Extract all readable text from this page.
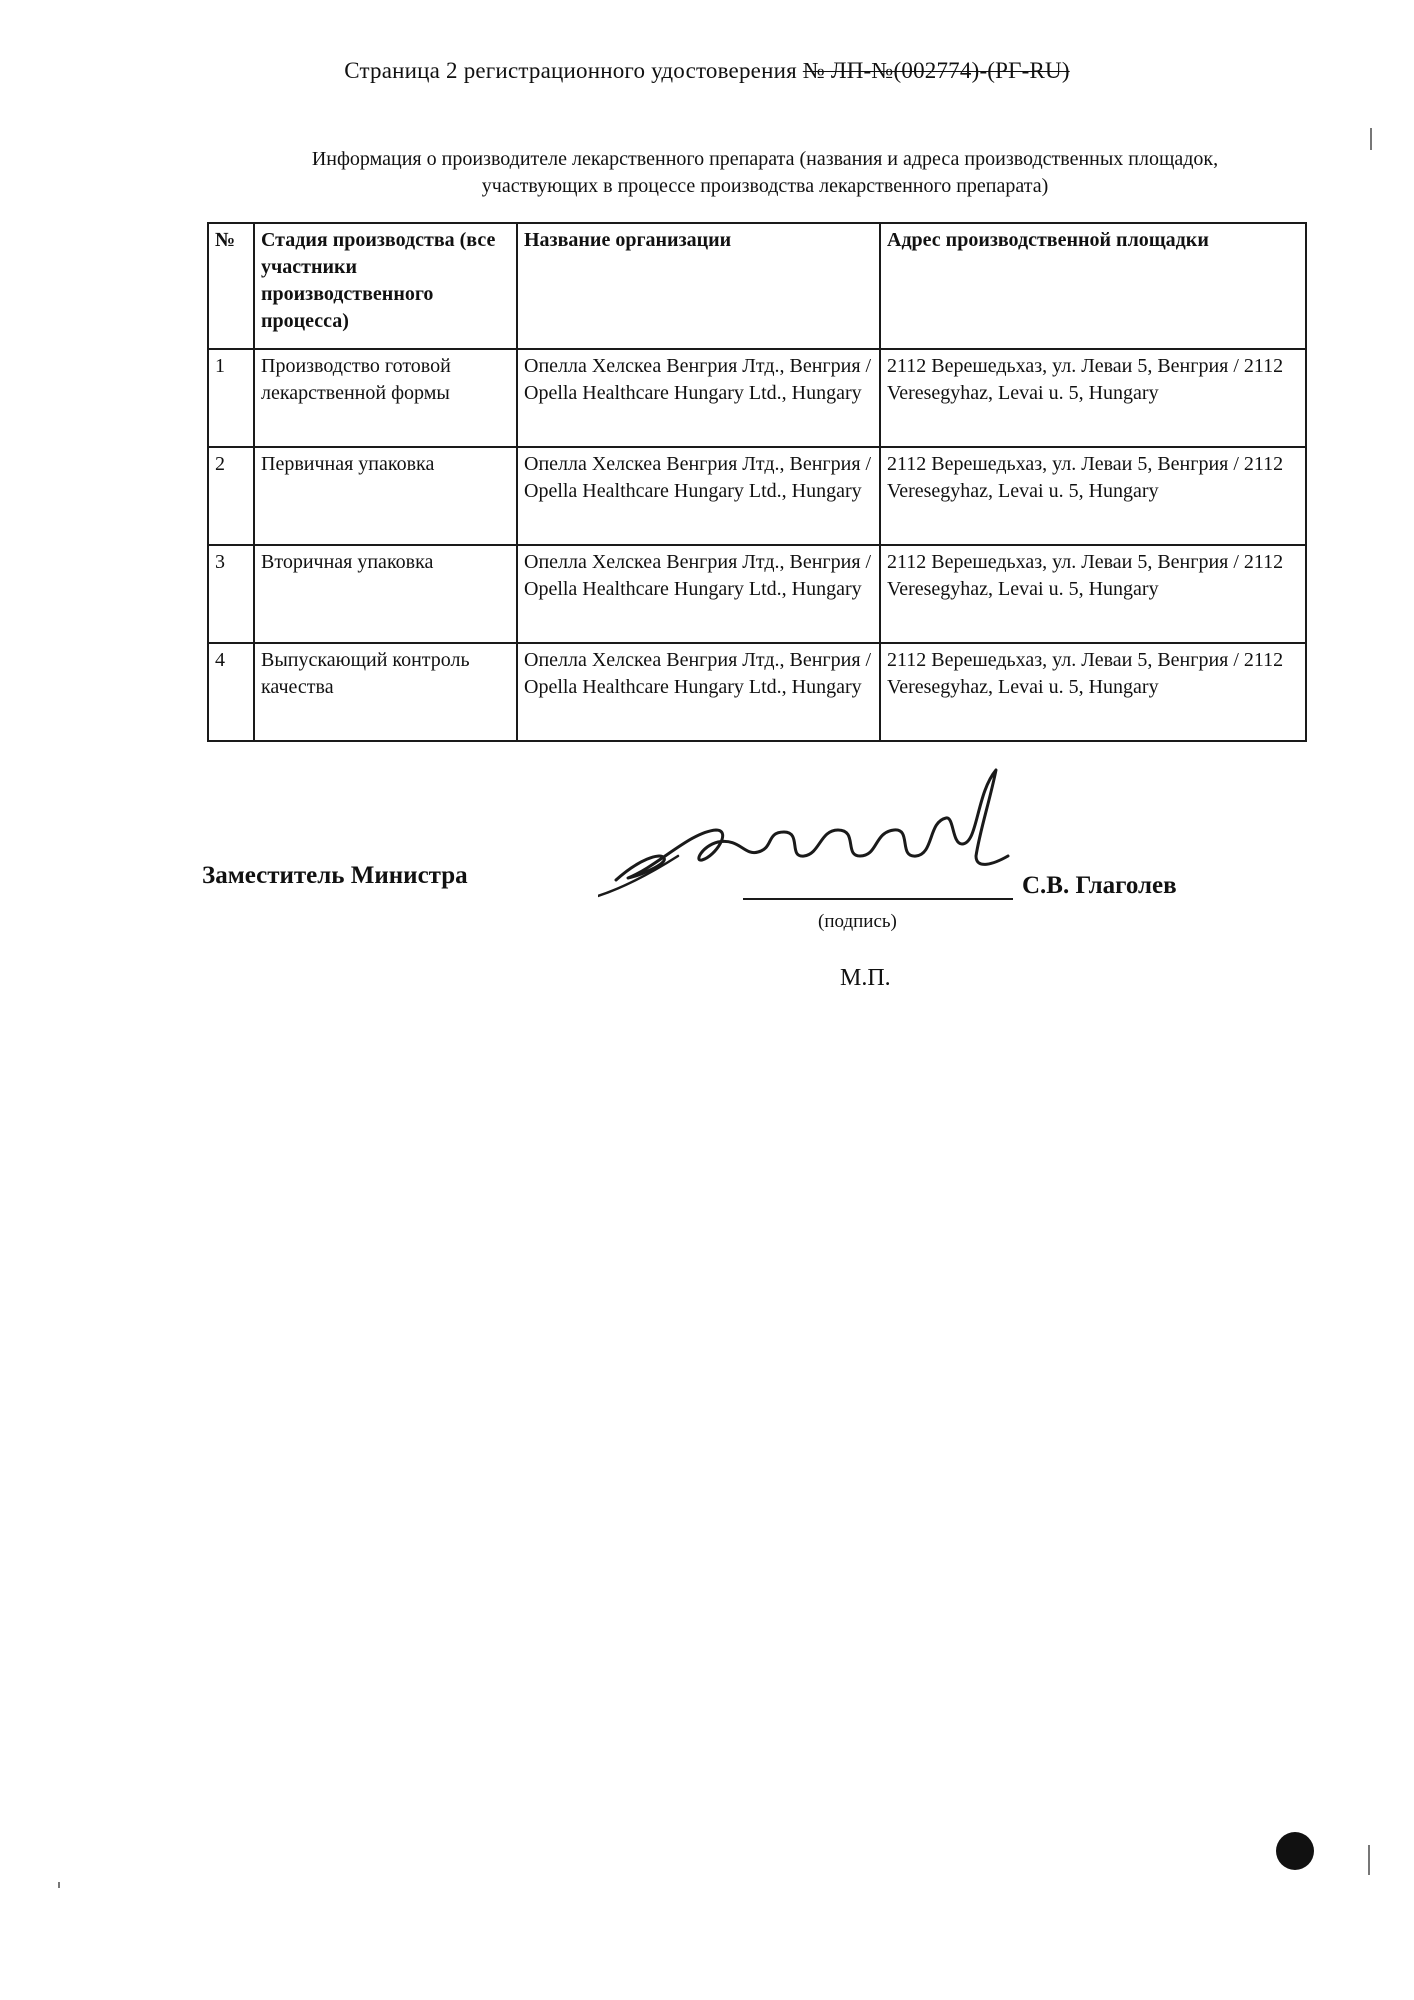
Страница 2 регистрационного удостоверения № ЛП-№(002774)-(РГ-RU)
Информация о производителе лекарственного препарата (названия и адреса производственных площадок,
участвующих в процессе производства лекарственного препарата)
№	Стадия производства (все участники производственного процесса)	Название организации	Адрес производственной площадки
1	Производство готовой лекарственной формы	Опелла Хелскеа Венгрия Лтд., Венгрия / Opella Healthcare Hungary Ltd., Hungary	2112 Верешедьхаз, ул. Леваи 5, Венгрия / 2112 Veresegyhaz, Levai u. 5, Hungary
2	Первичная упаковка	Опелла Хелскеа Венгрия Лтд., Венгрия / Opella Healthcare Hungary Ltd., Hungary	2112 Верешедьхаз, ул. Леваи 5, Венгрия / 2112 Veresegyhaz, Levai u. 5, Hungary
3	Вторичная упаковка	Опелла Хелскеа Венгрия Лтд., Венгрия / Opella Healthcare Hungary Ltd., Hungary	2112 Верешедьхаз, ул. Леваи 5, Венгрия / 2112 Veresegyhaz, Levai u. 5, Hungary
4	Выпускающий контроль качества	Опелла Хелскеа Венгрия Лтд., Венгрия / Opella Healthcare Hungary Ltd., Hungary	2112 Верешедьхаз, ул. Леваи 5, Венгрия / 2112 Veresegyhaz, Levai u. 5, Hungary
Заместитель Министра	С.В. Глаголев
(подпись)
М.П.
